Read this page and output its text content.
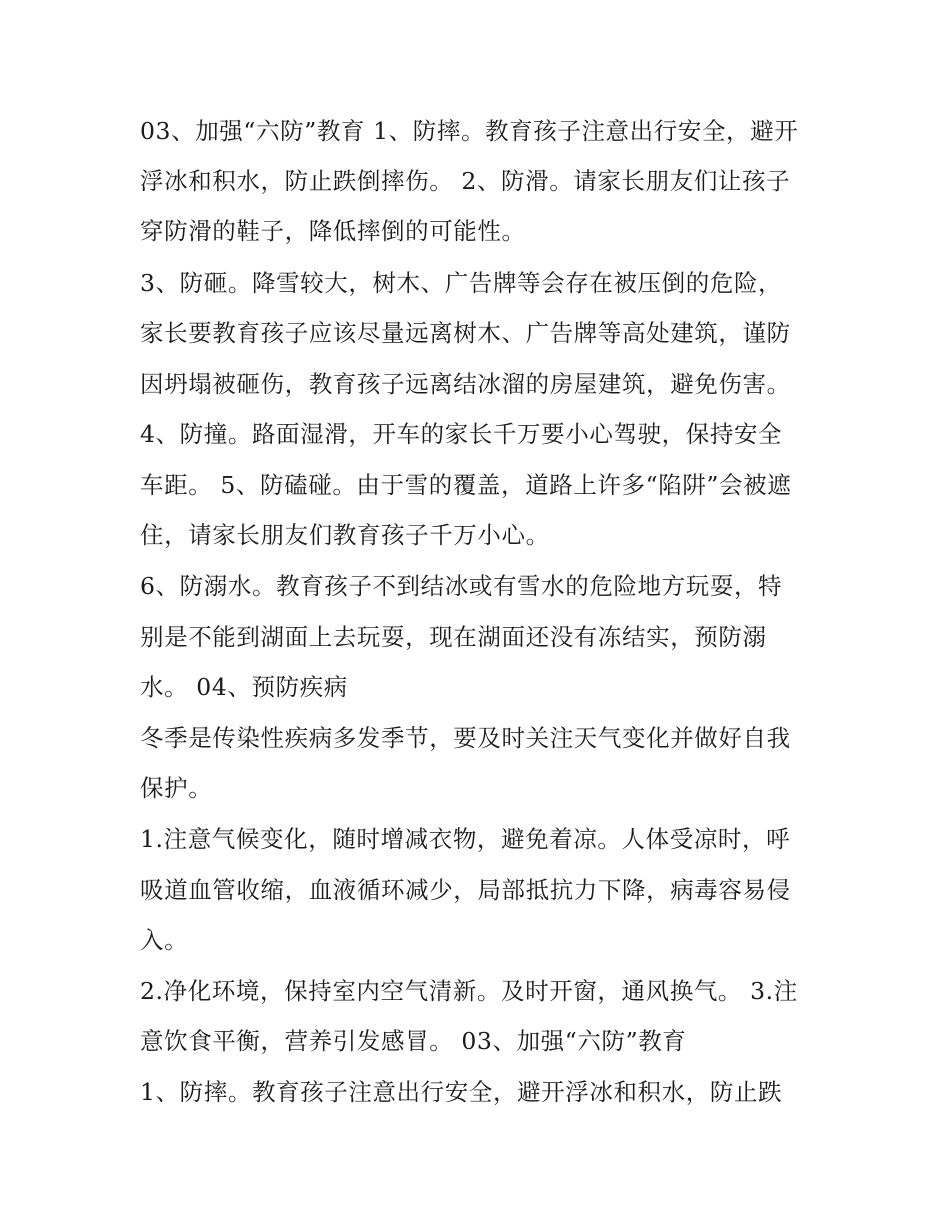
03、加强“六防”教育 1、防摔。教育孩子注意出行安全，避开
浮冰和积水，防止跌倒摔伤。 2、防滑。请家长朋友们让孩子
穿防滑的鞋子，降低摔倒的可能性。
3、防砸。降雪较大，树木、广告牌等会存在被压倒的危险，
家长要教育孩子应该尽量远离树木、广告牌等高处建筑，谨防
因坍塌被砸伤，教育孩子远离结冰溜的房屋建筑，避免伤害。
4、防撞。路面湿滑，开车的家长千万要小心驾驶，保持安全
车距。 5、防磕碰。由于雪的覆盖，道路上许多“陷阱”会被遮
住，请家长朋友们教育孩子千万小心。
6、防溺水。教育孩子不到结冰或有雪水的危险地方玩耍，特
别是不能到湖面上去玩耍，现在湖面还没有冻结实，预防溺
水。 04、预防疾病
冬季是传染性疾病多发季节，要及时关注天气变化并做好自我
保护。
1.注意气候变化，随时增减衣物，避免着凉。人体受凉时，呼
吸道血管收缩，血液循环减少，局部抵抗力下降，病毒容易侵
入。
2.净化环境，保持室内空气清新。及时开窗，通风换气。 3.注
意饮食平衡，营养引发感冒。 03、加强“六防”教育
1、防摔。教育孩子注意出行安全，避开浮冰和积水，防止跌
